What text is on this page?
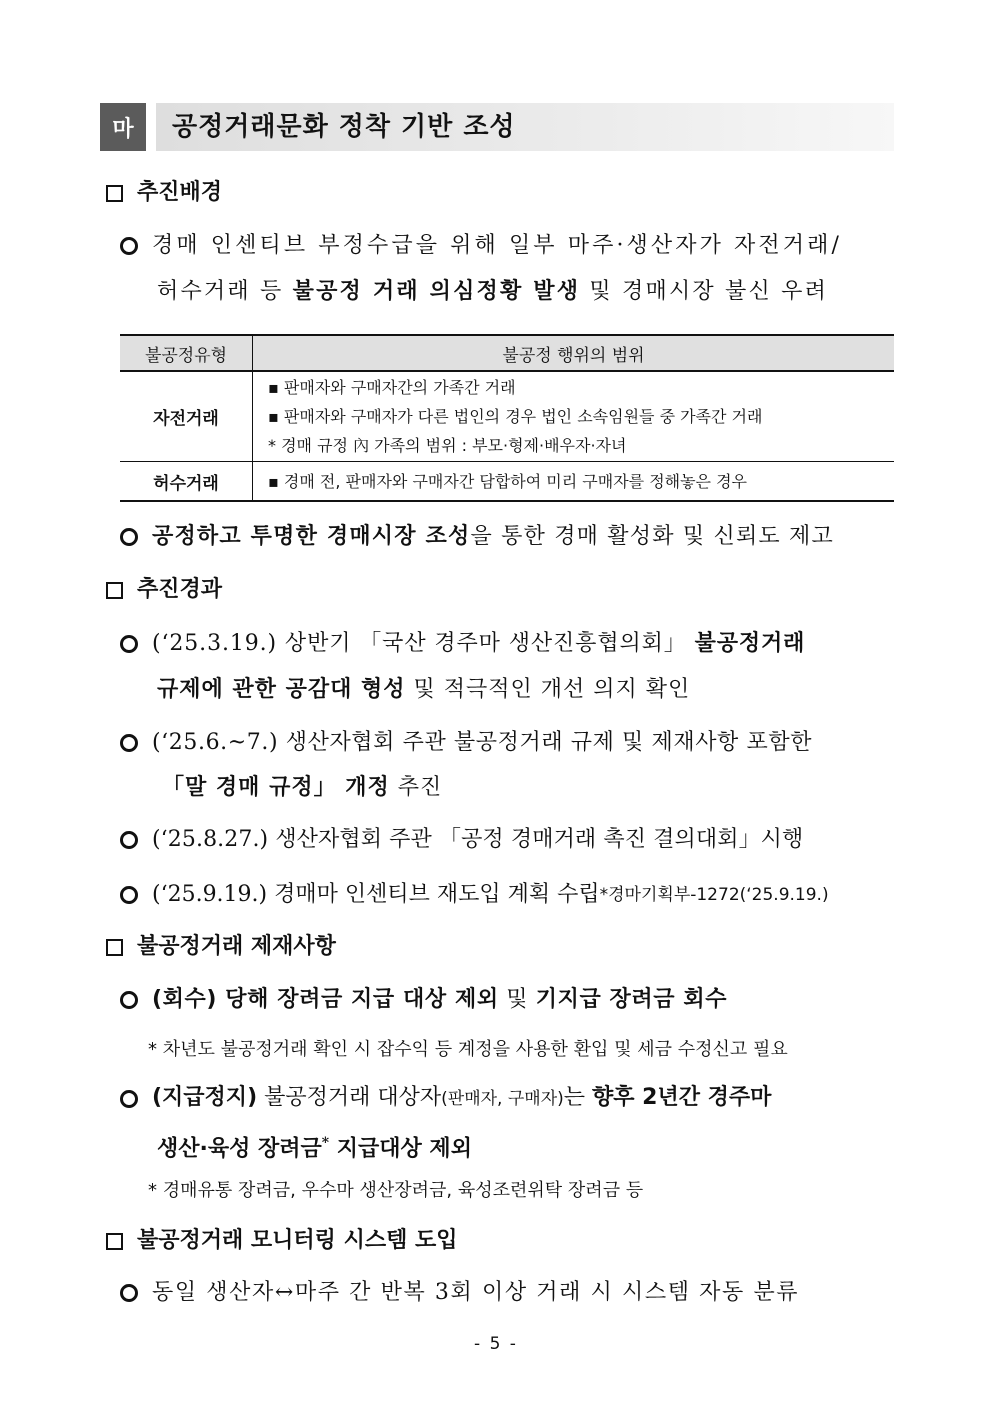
마	공정거래문화 정착 기반 조성
추진배경
경매 인센티브 부정수급을 위해 일부 마주·생산자가 자전거래/
허수거래 등 불공정 거래 의심정황 발생 및 경매시장 불신 우려
불공정유형	불공정 행위의 범위
자전거래	▪ 판매자와 구매자간의 가족간 거래
▪ 판매자와 구매자가 다른 법인의 경우 법인 소속임원들 중 가족간 거래
* 경매 규정 內 가족의 범위 : 부모·형제·배우자·자녀

허수거래	▪ 경매 전, 판매자와 구매자간 담합하여 미리 구매자를 정해놓은 경우
공정하고 투명한 경매시장 조성을 통한 경매 활성화 및 신뢰도 제고
추진경과
(‘25.3.19.) 상반기 「국산 경주마 생산진흥협의회」 불공정거래
규제에 관한 공감대 형성 및 적극적인 개선 의지 확인
(‘25.6.~7.) 생산자협회 주관 불공정거래 규제 및 제재사항 포함한
「말 경매 규정」 개정 추진
(‘25.8.27.) 생산자협회 주관 「공정 경매거래 촉진 결의대회」시행
(‘25.9.19.) 경매마 인센티브 재도입 계획 수립 *경마기획부-1272(‘25.9.19.)
불공정거래 제재사항
(회수) 당해 장려금 지급 대상 제외 및 기지급 장려금 회수
* 차년도 불공정거래 확인 시 잡수익 등 계정을 사용한 환입 및 세금 수정신고 필요
(지급정지) 불공정거래 대상자(판매자, 구매자)는 향후 2년간 경주마
생산·육성 장려금* 지급대상 제외
* 경매유통 장려금, 우수마 생산장려금, 육성조련위탁 장려금 등
불공정거래 모니터링 시스템 도입
동일 생산자↔마주 간 반복 3회 이상 거래 시 시스템 자동 분류
- 5 -
